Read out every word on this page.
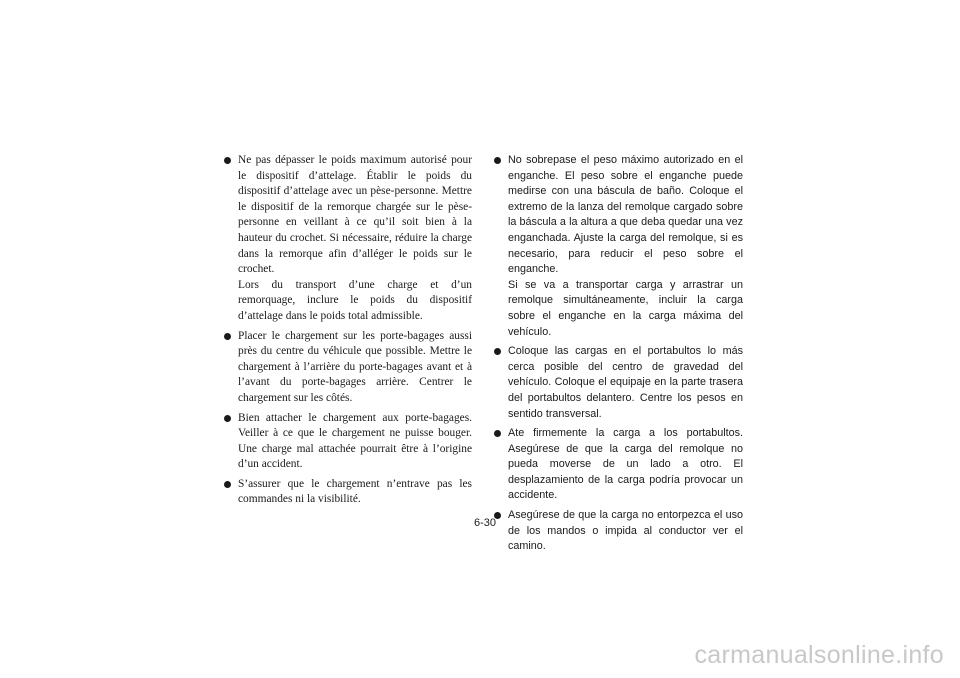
Ne pas dépasser le poids maximum autorisé pour le dispositif d’attelage. Établir le poids du dispositif d’attelage avec un pèse-personne. Mettre le dispositif de la remorque chargée sur le pèse-personne en veillant à ce qu’il soit bien à la hauteur du crochet. Si nécessaire, réduire la charge dans la remorque afin d’alléger le poids sur le crochet.
Lors du transport d’une charge et d’un remorquage, inclure le poids du dispositif d’attelage dans le poids total admissible.
Placer le chargement sur les porte-bagages aussi près du centre du véhicule que possible. Mettre le chargement à l’arrière du porte-bagages avant et à l’avant du porte-bagages arrière. Centrer le chargement sur les côtés.
Bien attacher le chargement aux porte-bagages. Veiller à ce que le chargement ne puisse bouger. Une charge mal attachée pourrait être à l’origine d’un accident.
S’assurer que le chargement n’entrave pas les commandes ni la visibilité.
No sobrepase el peso máximo autorizado en el enganche. El peso sobre el enganche puede medirse con una báscula de baño. Coloque el extremo de la lanza del remolque cargado sobre la báscula a la altura a que deba quedar una vez enganchada. Ajuste la carga del remolque, si es necesario, para reducir el peso sobre el enganche.
Si se va a transportar carga y arrastrar un remolque simultáneamente, incluir la carga sobre el enganche en la carga máxima del vehículo.
Coloque las cargas en el portabultos lo más cerca posible del centro de gravedad del vehículo. Coloque el equipaje en la parte trasera del portabultos delantero. Centre los pesos en sentido transversal.
Ate firmemente la carga a los portabultos. Asegúrese de que la carga del remolque no pueda moverse de un lado a otro. El desplazamiento de la carga podría provocar un accidente.
Asegúrese de que la carga no entorpezca el uso de los mandos o impida al conductor ver el camino.
6-30
carmanualsonline.info
